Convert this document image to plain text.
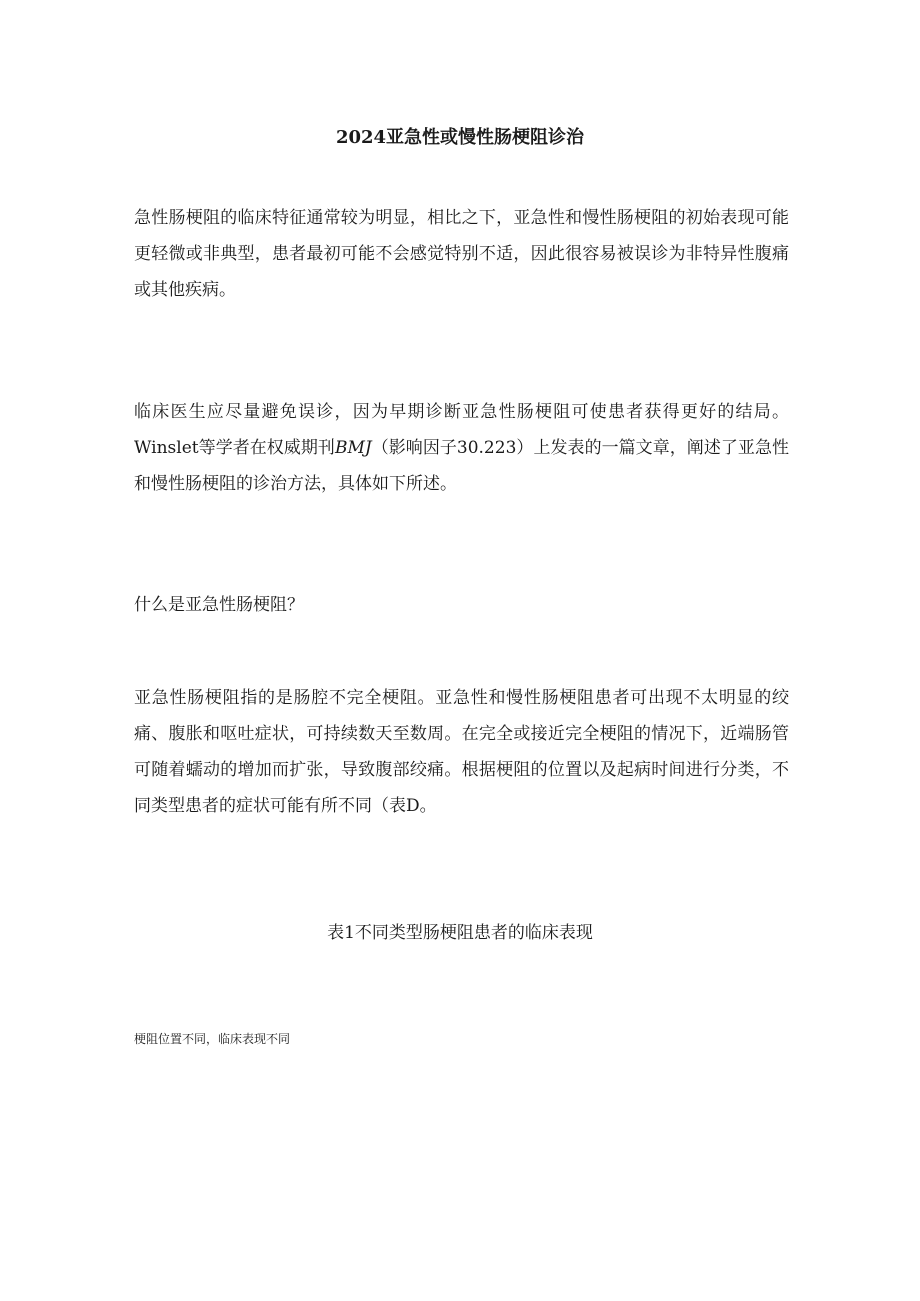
2024亚急性或慢性肠梗阻诊治

急性肠梗阻的临床特征通常较为明显，相比之下，亚急性和慢性肠梗阻的初始表现可能更轻微或非典型，患者最初可能不会感觉特别不适，因此很容易被误诊为非特异性腹痛或其他疾病。

临床医生应尽量避免误诊，因为早期诊断亚急性肠梗阻可使患者获得更好的结局。Winslet等学者在权威期刊BMJ（影响因子30.223）上发表的一篇文章，阐述了亚急性和慢性肠梗阻的诊治方法，具体如下所述。

什么是亚急性肠梗阻？

亚急性肠梗阻指的是肠腔不完全梗阻。亚急性和慢性肠梗阻患者可出现不太明显的绞痛、腹胀和呕吐症状，可持续数天至数周。在完全或接近完全梗阻的情况下，近端肠管可随着蠕动的增加而扩张，导致腹部绞痛。根据梗阻的位置以及起病时间进行分类，不同类型患者的症状可能有所不同（表D。

表1不同类型肠梗阻患者的临床表现
梗阻位置不同，临床表现不同
